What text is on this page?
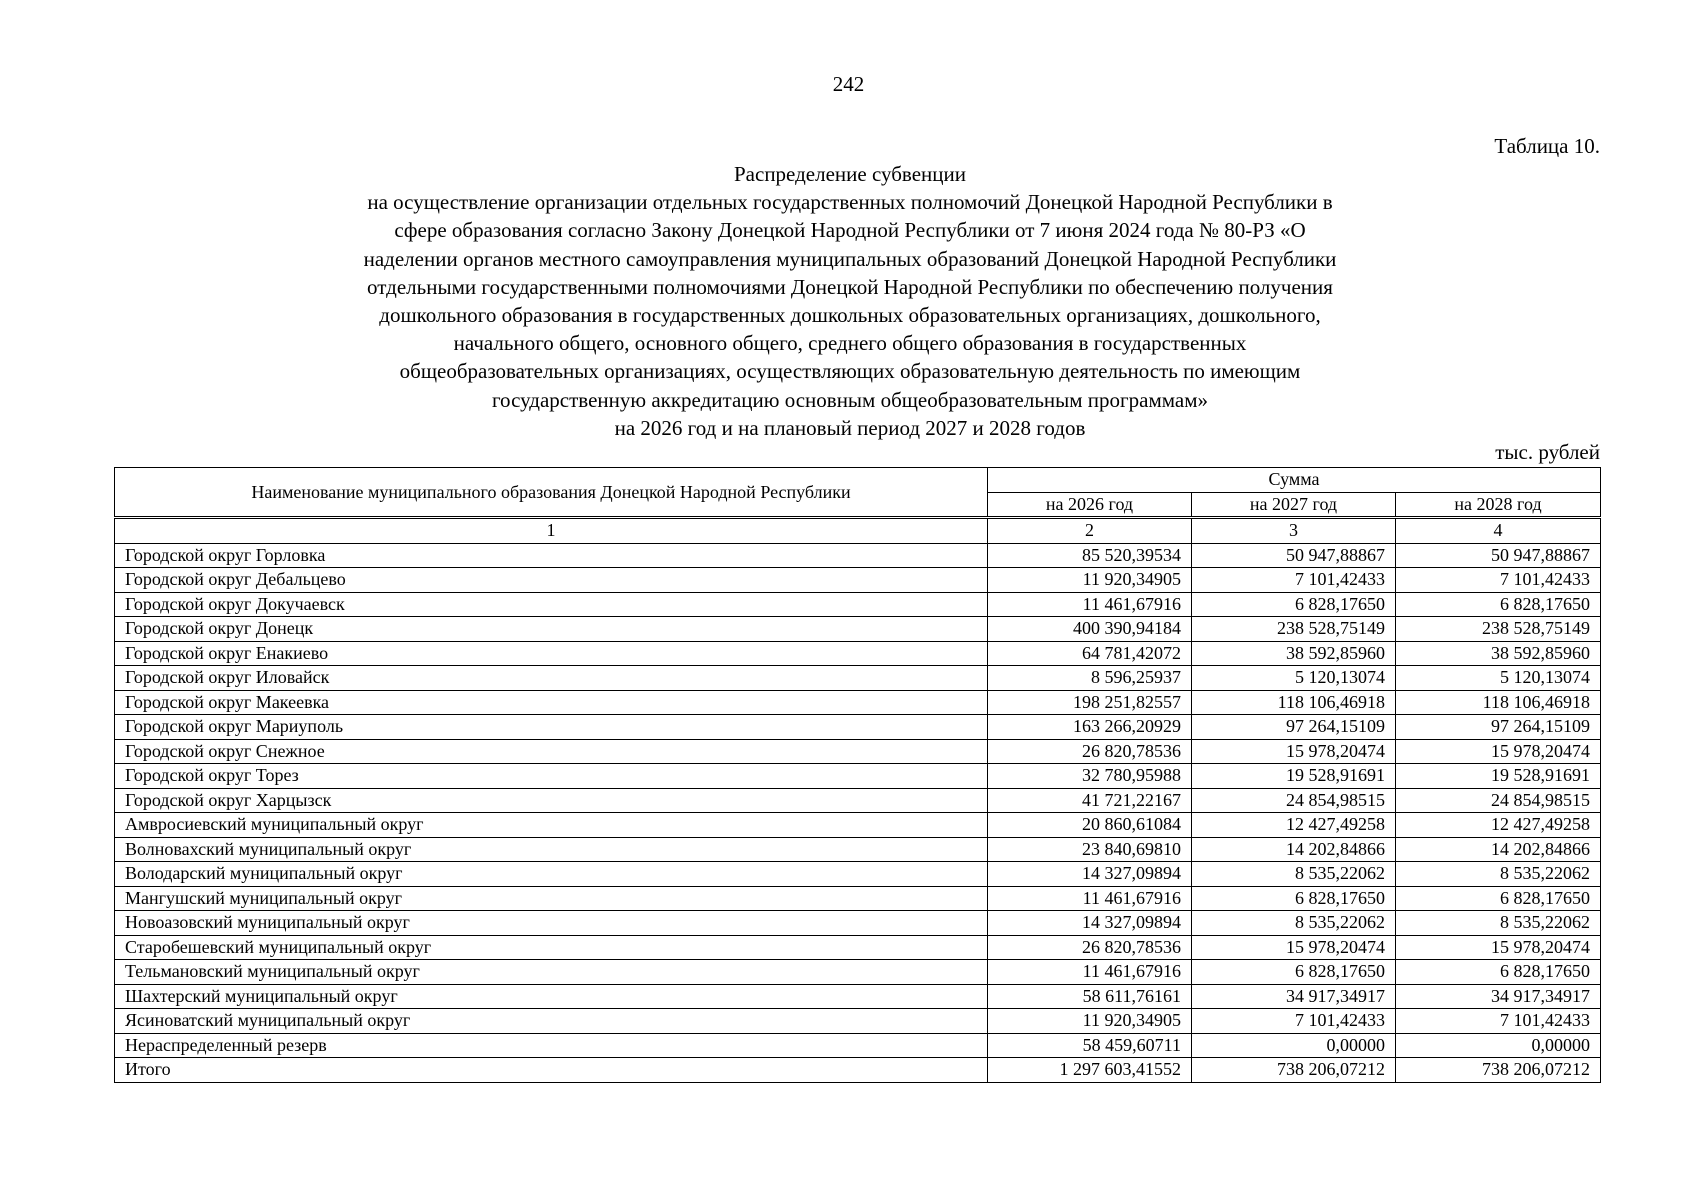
242
Таблица 10.
Распределение субвенции
на осуществление организации отдельных государственных полномочий Донецкой Народной Республики в
сфере образования согласно Закону Донецкой Народной Республики от 7 июня 2024 года № 80-РЗ «О
наделении органов местного самоуправления муниципальных образований Донецкой Народной Республики
отдельными государственными полномочиями Донецкой Народной Республики по обеспечению получения
дошкольного образования в государственных дошкольных образовательных организациях, дошкольного,
начального общего, основного общего, среднего общего образования в государственных
общеобразовательных организациях, осуществляющих образовательную деятельность по имеющим
государственную аккредитацию основным общеобразовательным программам»
на 2026 год и на плановый период 2027 и 2028 годов
тыс. рублей
Наименование муниципального образования Донецкой Народной Республики	Сумма		
	на 2026 год	на 2027 год	на 2028 год
1	2	3	4
Городской округ Горловка	85 520,39534	50 947,88867	50 947,88867
Городской округ Дебальцево	11 920,34905	7 101,42433	7 101,42433
Городской округ Докучаевск	11 461,67916	6 828,17650	6 828,17650
Городской округ Донецк	400 390,94184	238 528,75149	238 528,75149
Городской округ Енакиево	64 781,42072	38 592,85960	38 592,85960
Городской округ Иловайск	8 596,25937	5 120,13074	5 120,13074
Городской округ Макеевка	198 251,82557	118 106,46918	118 106,46918
Городской округ Мариуполь	163 266,20929	97 264,15109	97 264,15109
Городской округ Снежное	26 820,78536	15 978,20474	15 978,20474
Городской округ Торез	32 780,95988	19 528,91691	19 528,91691
Городской округ Харцызск	41 721,22167	24 854,98515	24 854,98515
Амвросиевский муниципальный округ	20 860,61084	12 427,49258	12 427,49258
Волновахский муниципальный округ	23 840,69810	14 202,84866	14 202,84866
Володарский муниципальный округ	14 327,09894	8 535,22062	8 535,22062
Мангушский муниципальный округ	11 461,67916	6 828,17650	6 828,17650
Новоазовский муниципальный округ	14 327,09894	8 535,22062	8 535,22062
Старобешевский муниципальный округ	26 820,78536	15 978,20474	15 978,20474
Тельмановский муниципальный округ	11 461,67916	6 828,17650	6 828,17650
Шахтерский муниципальный округ	58 611,76161	34 917,34917	34 917,34917
Ясиноватский муниципальный округ	11 920,34905	7 101,42433	7 101,42433
Нераспределенный резерв	58 459,60711	0,00000	0,00000
Итого	1 297 603,41552	738 206,07212	738 206,07212
